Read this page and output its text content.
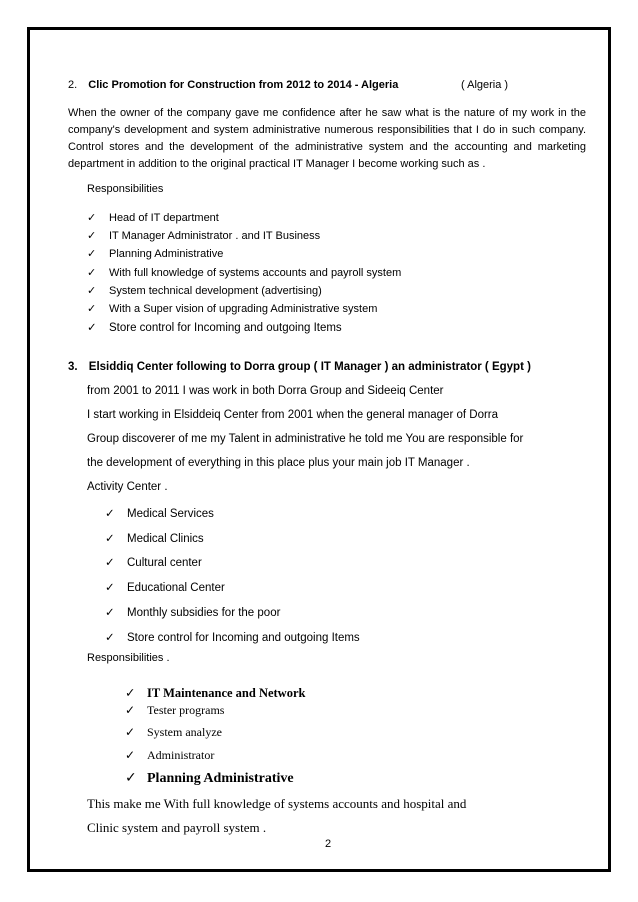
2. Clic Promotion for Construction from 2012 to 2014 - Algeria	( Algeria )
When the owner of the company gave me confidence after he saw what is the nature of my work in the company's development and system administrative numerous responsibilities that I do in such company. Control stores and the development of the administrative system and the accounting and marketing department in addition to the original practical IT Manager I become working such as .
Responsibilities
✓ Head of IT department
✓ IT Manager Administrator . and IT Business
✓ Planning Administrative
✓ With full knowledge of systems accounts and payroll system
✓ System technical development (advertising)
✓ With a Super vision of upgrading Administrative system
✓ Store control for Incoming and outgoing Items
3. Elsiddiq Center following to Dorra group ( IT Manager ) an administrator ( Egypt )
from 2001 to 2011 I was work in both Dorra Group and Sideeiq Center
I start working in Elsiddeiq Center from 2001 when the general manager of Dorra
Group discoverer of me my Talent in administrative he told me You are responsible for
the development of everything in this place plus your main job IT Manager .
Activity Center .
✓ Medical Services
✓ Medical Clinics
✓ Cultural center
✓ Educational Center
✓ Monthly subsidies for the poor
✓ Store control for Incoming and outgoing Items
Responsibilities .
✓ IT Maintenance and Network
✓ Tester programs
✓ System analyze
✓ Administrator
✓ Planning Administrative
This make me With full knowledge of systems accounts and hospital and
Clinic system and payroll system .
2
